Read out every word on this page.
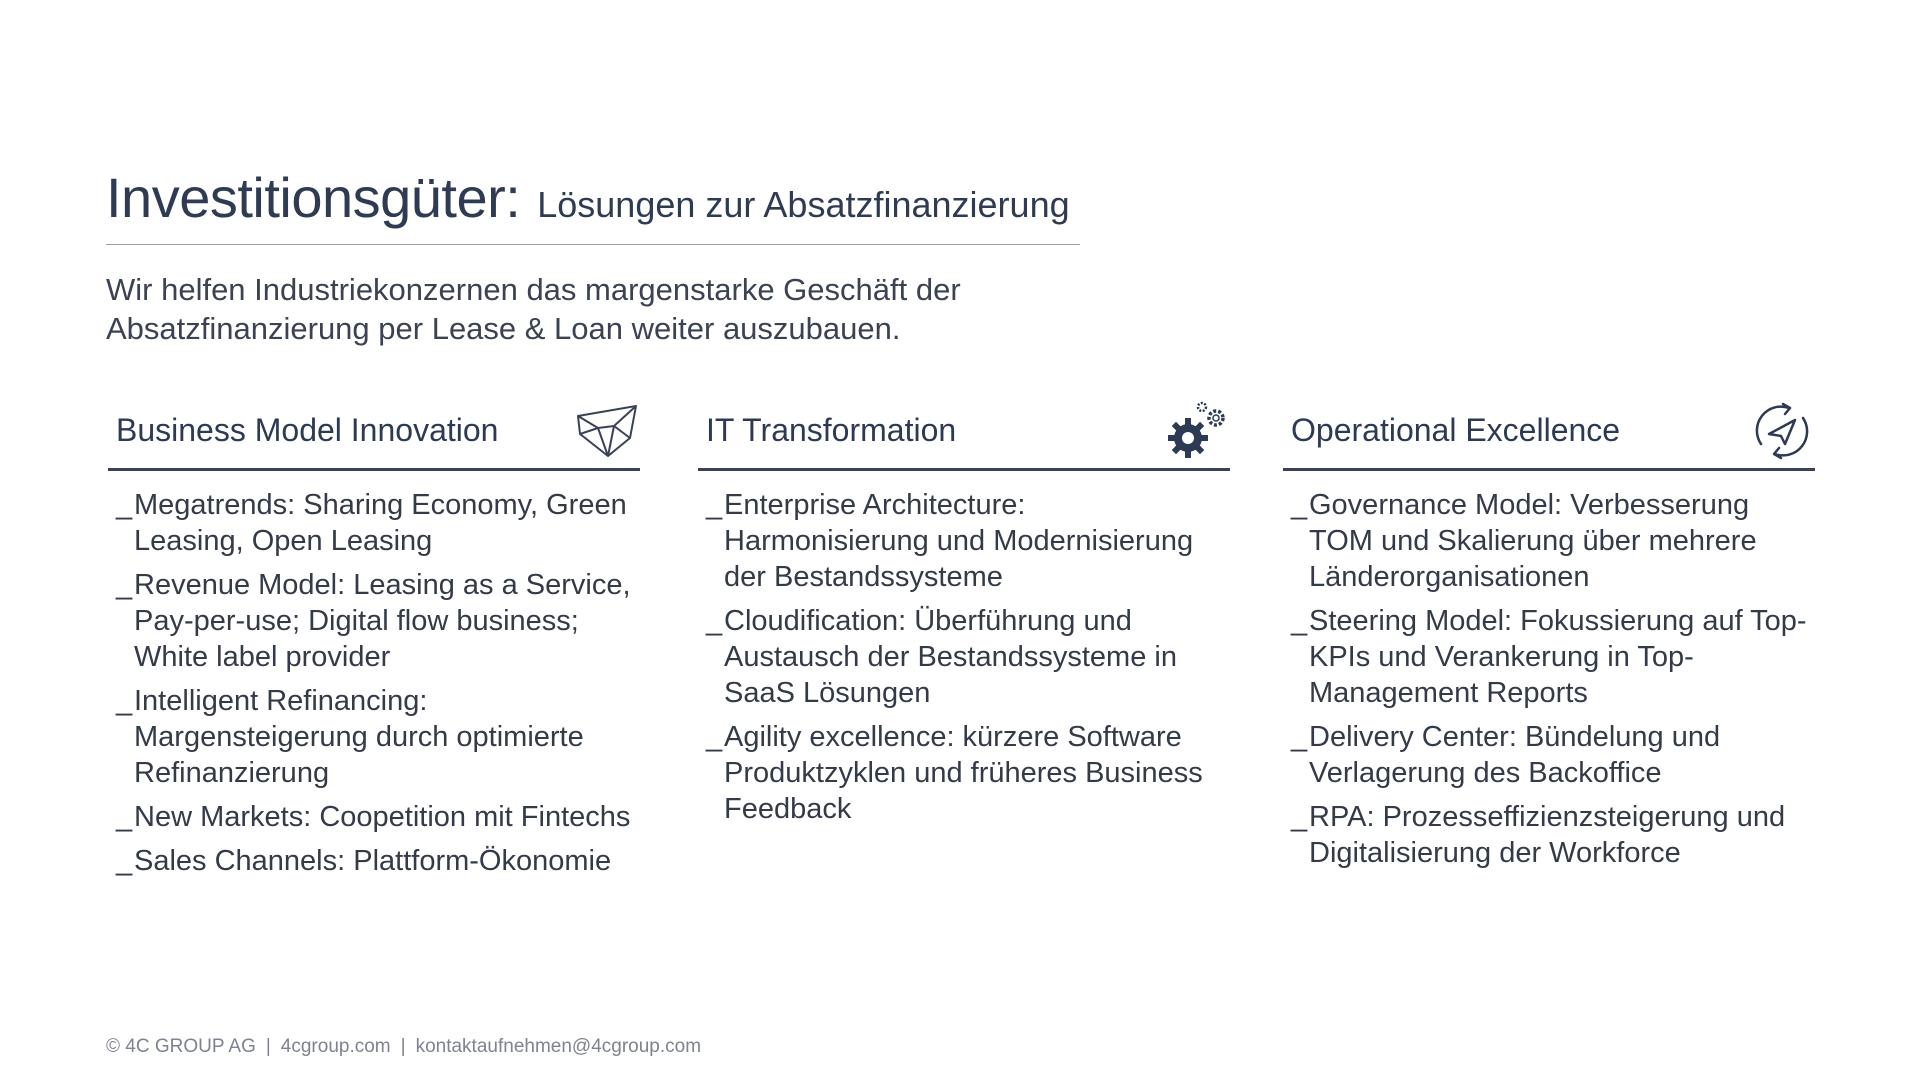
Investitionsgüter: Lösungen zur Absatzfinanzierung

Wir helfen Industriekonzernen das margenstarke Geschäft der
Absatzfinanzierung per Lease & Loan weiter auszubauen.

Business Model Innovation
_ Megatrends: Sharing Economy, Green Leasing, Open Leasing
_ Revenue Model: Leasing as a Service, Pay-per-use; Digital flow business; White label provider
_ Intelligent Refinancing: Margensteigerung durch optimierte Refinanzierung
_ New Markets: Coopetition mit Fintechs
_ Sales Channels: Plattform-Ökonomie
IT Transformation
_ Enterprise Architecture: Harmonisierung und Modernisierung der Bestandssysteme
_ Cloudification: Überführung und Austausch der Bestandssysteme in SaaS Lösungen
_ Agility excellence: kürzere Software Produktzyklen und früheres Business Feedback
Operational Excellence
_ Governance Model: Verbesserung TOM und Skalierung über mehrere Länderorganisationen
_ Steering Model: Fokussierung auf Top-KPIs und Verankerung in Top-Management Reports
_ Delivery Center: Bündelung und Verlagerung des Backoffice
_ RPA: Prozesseffizienzsteigerung und Digitalisierung der Workforce
© 4C GROUP AG | 4cgroup.com | kontaktaufnehmen@4cgroup.com
